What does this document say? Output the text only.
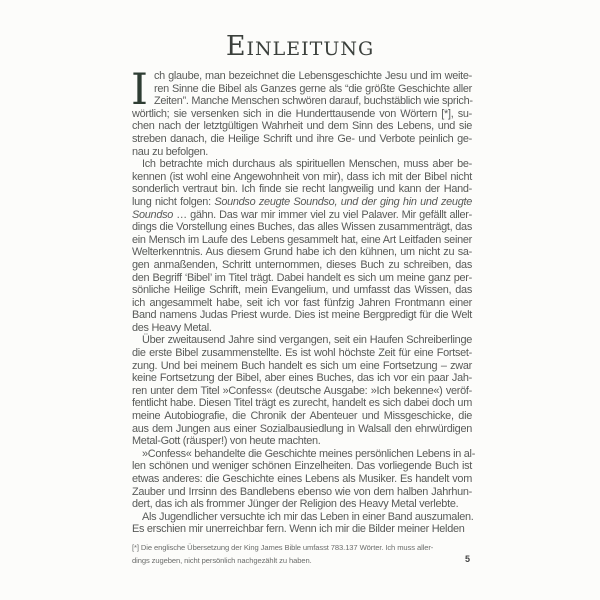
Einleitung
I ch glaube, man bezeichnet die Lebensgeschichte Jesu und im weite-
ren Sinne die Bibel als Ganzes gerne als “die größte Geschichte aller
Zeiten”. Manche Menschen schwören darauf, buchstäblich wie sprich-
wörtlich; sie versenken sich in die Hunderttausende von Wörtern [*], su-
chen nach der letztgültigen Wahrheit und dem Sinn des Lebens, und sie
streben danach, die Heilige Schrift und ihre Ge- und Verbote peinlich ge-
nau zu befolgen.
Ich betrachte mich durchaus als spirituellen Menschen, muss aber be-
kennen (ist wohl eine Angewohnheit von mir), dass ich mit der Bibel nicht
sonderlich vertraut bin. Ich finde sie recht langweilig und kann der Hand-
lung nicht folgen: Soundso zeugte Soundso, und der ging hin und zeugte
Soundso … gähn. Das war mir immer viel zu viel Palaver. Mir gefällt aller-
dings die Vorstellung eines Buches, das alles Wissen zusammenträgt, das
ein Mensch im Laufe des Lebens gesammelt hat, eine Art Leitfaden seiner
Welterkenntnis. Aus diesem Grund habe ich den kühnen, um nicht zu sa-
gen anmaßenden, Schritt unternommen, dieses Buch zu schreiben, das
den Begriff ‘Bibel’ im Titel trägt. Dabei handelt es sich um meine ganz per-
sönliche Heilige Schrift, mein Evangelium, und umfasst das Wissen, das
ich angesammelt habe, seit ich vor fast fünfzig Jahren Frontmann einer
Band namens Judas Priest wurde. Dies ist meine Bergpredigt für die Welt
des Heavy Metal.
Über zweitausend Jahre sind vergangen, seit ein Haufen Schreiberlinge
die erste Bibel zusammenstellte. Es ist wohl höchste Zeit für eine Fortset-
zung. Und bei meinem Buch handelt es sich um eine Fortsetzung – zwar
keine Fortsetzung der Bibel, aber eines Buches, das ich vor ein paar Jah-
ren unter dem Titel »Confess« (deutsche Ausgabe: »Ich bekenne«) veröf-
fentlicht habe. Diesen Titel trägt es zurecht, handelt es sich dabei doch um
meine Autobiografie, die Chronik der Abenteuer und Missgeschicke, die
aus dem Jungen aus einer Sozialbausiedlung in Walsall den ehrwürdigen
Metal-Gott (räusper!) von heute machten.
»Confess« behandelte die Geschichte meines persönlichen Lebens in al-
len schönen und weniger schönen Einzelheiten. Das vorliegende Buch ist
etwas anderes: die Geschichte eines Lebens als Musiker. Es handelt vom
Zauber und Irrsinn des Bandlebens ebenso wie von dem halben Jahrhun-
dert, das ich als frommer Jünger der Religion des Heavy Metal verlebte.
Als Jugendlicher versuchte ich mir das Leben in einer Band auszumalen.
Es erschien mir unerreichbar fern. Wenn ich mir die Bilder meiner Helden
[*] Die englische Übersetzung der King James Bible umfasst 783.137 Wörter. Ich muss aller-
dings zugeben, nicht persönlich nachgezählt zu haben.	5
